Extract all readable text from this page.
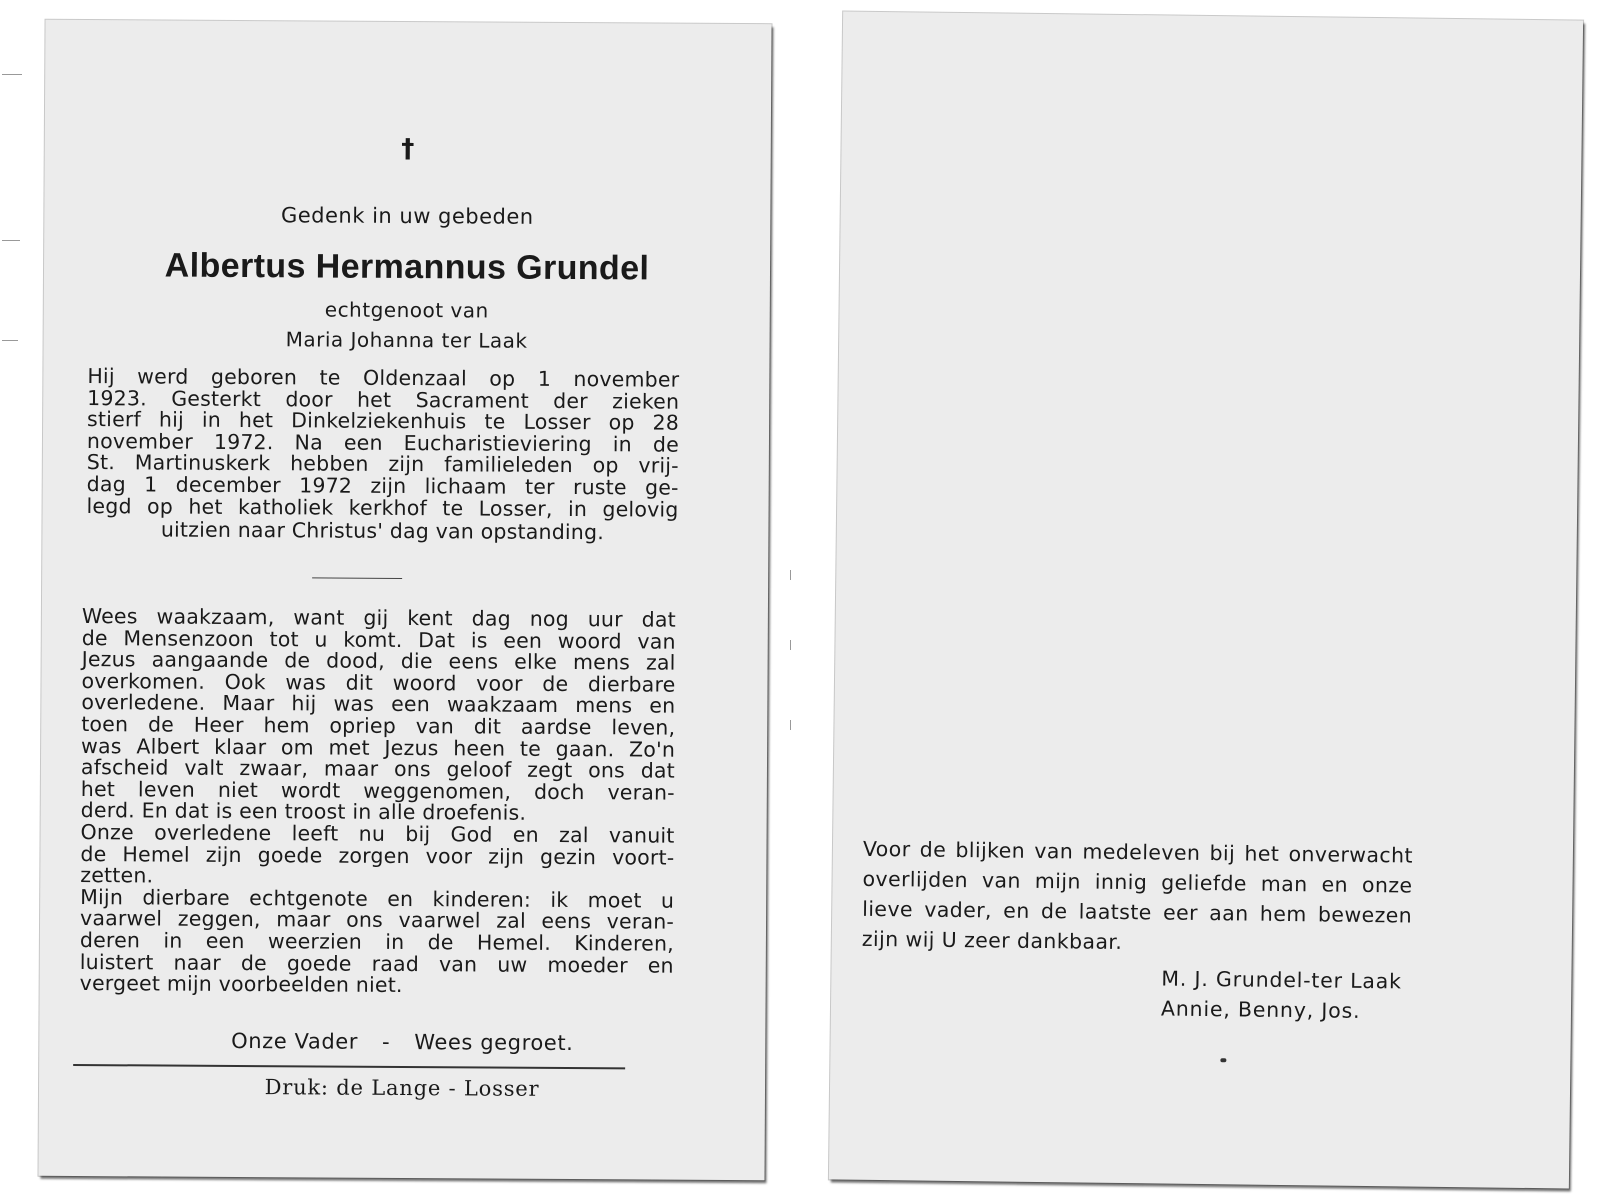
†
Gedenk in uw gebeden
Albertus Hermannus Grundel
echtgenoot van
Maria Johanna ter Laak
Hij werd geboren te Oldenzaal op 1 november
1923. Gesterkt door het Sacrament der zieken
stierf hij in het Dinkelziekenhuis te Losser op 28
november 1972. Na een Eucharistieviering in de
St. Martinuskerk hebben zijn familieleden op vrij-
dag 1 december 1972 zijn lichaam ter ruste ge-
legd op het katholiek kerkhof te Losser, in gelovig
uitzien naar Christus' dag van opstanding.
Wees waakzaam, want gij kent dag nog uur dat
de Mensenzoon tot u komt. Dat is een woord van
Jezus aangaande de dood, die eens elke mens zal
overkomen. Ook was dit woord voor de dierbare
overledene. Maar hij was een waakzaam mens en
toen de Heer hem opriep van dit aardse leven,
was Albert klaar om met Jezus heen te gaan. Zo'n
afscheid valt zwaar, maar ons geloof zegt ons dat
het leven niet wordt weggenomen, doch veran-
derd. En dat is een troost in alle droefenis.
Onze overledene leeft nu bij God en zal vanuit
de Hemel zijn goede zorgen voor zijn gezin voort-
zetten.
Mijn dierbare echtgenote en kinderen: ik moet u
vaarwel zeggen, maar ons vaarwel zal eens veran-
deren in een weerzien in de Hemel. Kinderen,
luistert naar de goede raad van uw moeder en
vergeet mijn voorbeelden niet.
Onze Vader - Wees gegroet.
Druk: de Lange - Losser
Voor de blijken van medeleven bij het onverwacht
overlijden van mijn innig geliefde man en onze
lieve vader, en de laatste eer aan hem bewezen
zijn wij U zeer dankbaar.
M. J. Grundel-ter Laak
Annie, Benny, Jos.
